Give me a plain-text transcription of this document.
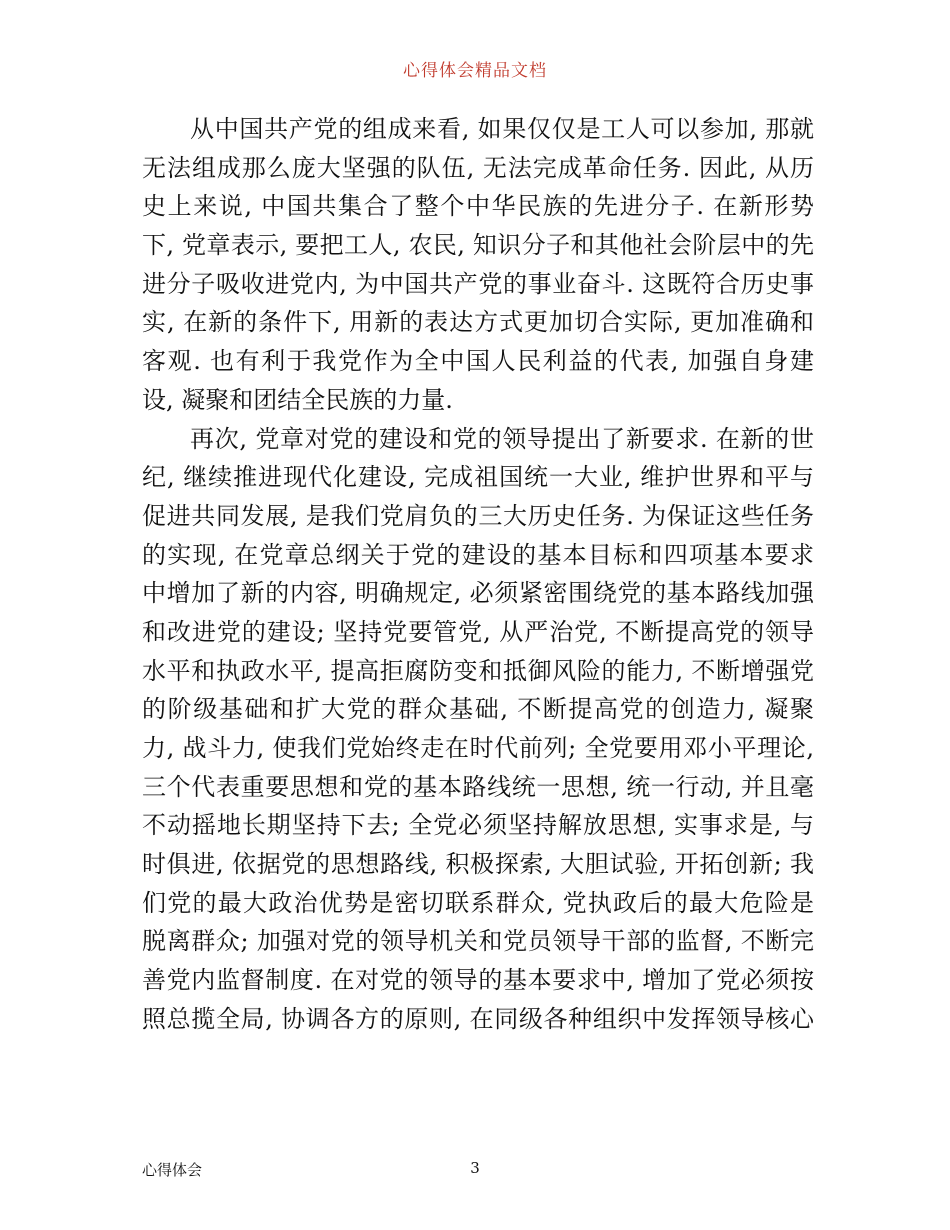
心得体会精品文档
从中国共产党的组成来看, 如果仅仅是工人可以参加, 那就
无法组成那么庞大坚强的队伍, 无法完成革命任务. 因此, 从历
史上来说, 中国共集合了整个中华民族的先进分子. 在新形势
下, 党章表示, 要把工人, 农民, 知识分子和其他社会阶层中的先
进分子吸收进党内, 为中国共产党的事业奋斗. 这既符合历史事
实, 在新的条件下, 用新的表达方式更加切合实际, 更加准确和
客观. 也有利于我党作为全中国人民利益的代表, 加强自身建
设, 凝聚和团结全民族的力量.
再次, 党章对党的建设和党的领导提出了新要求. 在新的世
纪, 继续推进现代化建设, 完成祖国统一大业, 维护世界和平与
促进共同发展, 是我们党肩负的三大历史任务. 为保证这些任务
的实现, 在党章总纲关于党的建设的基本目标和四项基本要求
中增加了新的内容, 明确规定, 必须紧密围绕党的基本路线加强
和改进党的建设; 坚持党要管党, 从严治党, 不断提高党的领导
水平和执政水平, 提高拒腐防变和抵御风险的能力, 不断增强党
的阶级基础和扩大党的群众基础, 不断提高党的创造力, 凝聚
力, 战斗力, 使我们党始终走在时代前列; 全党要用邓小平理论,
三个代表重要思想和党的基本路线统一思想, 统一行动, 并且毫
不动摇地长期坚持下去; 全党必须坚持解放思想, 实事求是, 与
时俱进, 依据党的思想路线, 积极探索, 大胆试验, 开拓创新; 我
们党的最大政治优势是密切联系群众, 党执政后的最大危险是
脱离群众; 加强对党的领导机关和党员领导干部的监督, 不断完
善党内监督制度. 在对党的领导的基本要求中, 增加了党必须按
照总揽全局, 协调各方的原则, 在同级各种组织中发挥领导核心
心得体会	3
